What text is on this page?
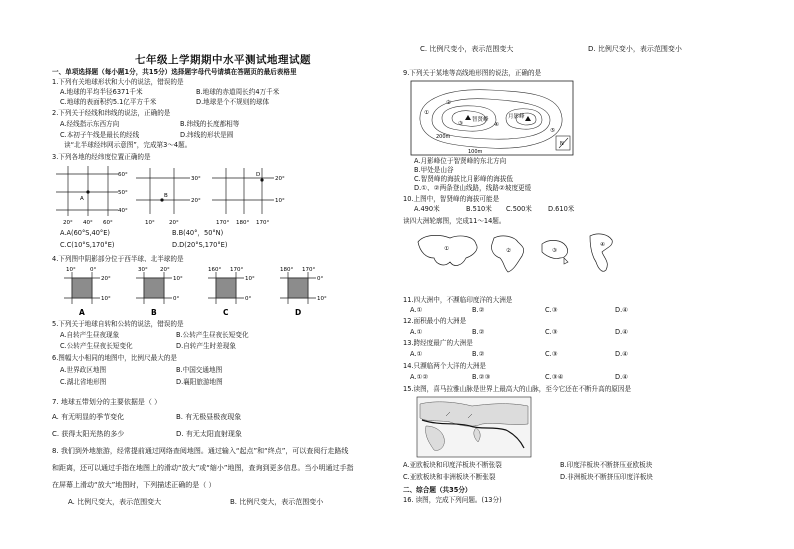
七年级上学期期中水平测试地理试题
一、单项选择题（每小题1分，共15分）选择题字母代号请填在答题页的最后表格里
1.下列有关地球形状和大小的说法，错误的是
A.地球的平均半径6371千米	B.地球的赤道周长约4万千米
C.地球的表面积约5.1亿平方千米	D.地球是个不规则的球体
2.下列关于经线和纬线的说法，正确的是
A.经线指示东西方向	B.纬线的长度都相等
C.本初子午线是最长的经线	D.纬线的形状是圆
读“北半球经纬网示意图”，完成第3～4题。
3.下列各地的经纬度位置正确的是
A
60°
50°
40°
20° 40° 60°
B
30°
20°
10°	20°
D
20°
10°
170° 180° 170°
A.A(60°S,40°E)	B.B(40°，50°N)
C.C(10°S,170°E)	D.D(20°S,170°E)
4.下列图中阴影部分位于西半球、北半球的是
10°	0°
20°
10°
A
30° 20°
10°
0°
B
160° 170°
10°
0°
C
180° 170°
0°
10°
D
5.下列关于地球自转和公转的说法，错误的是
A.自转产生昼夜现象	B.公转产生昼夜长短变化
C.公转产生昼夜长短变化	D.自转产生时差现象
6.图幅大小相同的地图中，比例尺最大的是
A.世界政区地图	B.中国交通地图
C.湖北省地形图	D.襄阳旅游地图
7. 地球五带划分的主要依据是（ ）
A. 有无明显的季节变化	B. 有无极昼极夜现象
C. 获得太阳光热的多少	D. 有无太阳直射现象
8. 我们到外地旅游，经常提前通过网络查阅地图。通过输入“起点”和“终点”，可以查阅行走路线
和距离，还可以通过手指在地图上的滑动“放大”或“缩小”地图，查询到更多信息。当小明通过手指
在屏幕上滑动“放大”地图时，下列描述正确的是（ ）
A. 比例尺变大，表示范围变大	B. 比例尺变大，表示范围变小
C. 比例尺变小，表示范围变大	D. 比例尺变小，表示范围变小
9.下列关于某地等高线地形图的说法，正确的是
智贤峰	月影峰
①
②
③	④
⑤
200m
100m
N
A.月影峰位于智贤峰的东北方向
B.甲处是山谷
C.智贤峰的海拔比月影峰的海拔低
D.①、②两条登山线路，线路②坡度更缓
10.上图中，智贤峰的海拔可能是
A.490米	B.510米 C.500米 D.610米
读四大洲轮廓图，完成11～14题。
①	②	③
④
11.四大洲中，不濒临印度洋的大洲是
A.①	B.②	C.③	D.④
12.面积最小的大洲是
A.①	B.②	C.③	D.④
13.跨经度最广的大洲是
A.①	B.②	C.③	D.④
14.只濒临两个大洋的大洲是
A.①②	B.②③	C.③④	D.④
15.读图，喜马拉雅山脉是世界上最高大的山脉，至今它还在不断升高的原因是
A.亚欧板块和印度洋板块不断张裂	B.印度洋板块不断挤压亚欧板块
C.亚欧板块和非洲板块不断张裂	D.非洲板块不断挤压印度洋板块
二、综合题（共35分）
16. 读图，完成下列问题。(13分)
